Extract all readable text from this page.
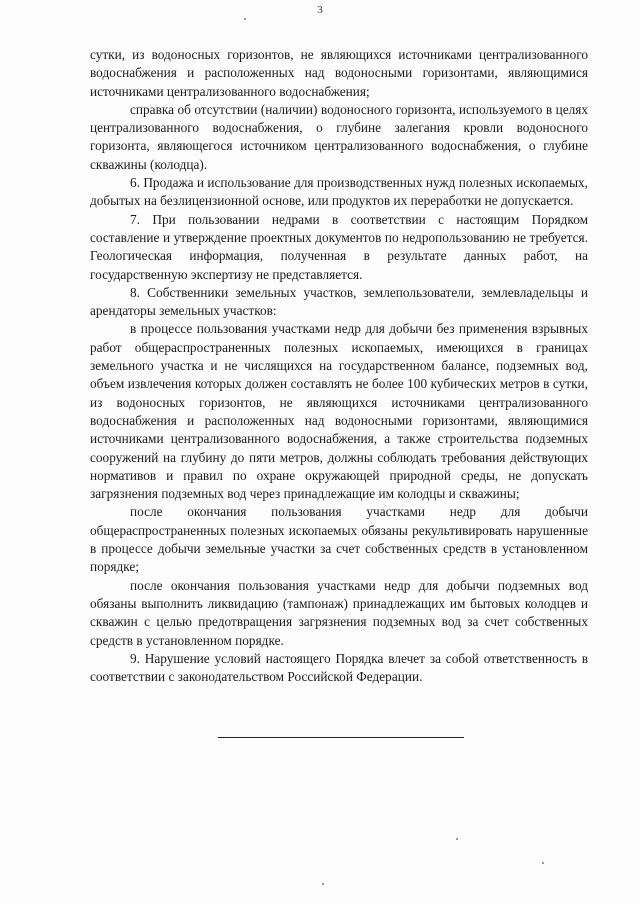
3

сутки, из водоносных горизонтов, не являющихся источниками централизованного водоснабжения и расположенных над водоносными горизонтами, являющимися источниками централизованного водоснабжения;

справка об отсутствии (наличии) водоносного горизонта, используемого в целях централизованного водоснабжения, о глубине залегания кровли водоносного горизонта, являющегося источником централизованного водоснабжения, о глубине скважины (колодца).

6. Продажа и использование для производственных нужд полезных ископаемых, добытых на безлицензионной основе, или продуктов их переработки не допускается.

7. При пользовании недрами в соответствии с настоящим Порядком составление и утверждение проектных документов по недропользованию не требуется. Геологическая информация, полученная в результате данных работ, на государственную экспертизу не представляется.

8. Собственники земельных участков, землепользователи, землевладельцы и арендаторы земельных участков:

в процессе пользования участками недр для добычи без применения взрывных работ общераспространенных полезных ископаемых, имеющихся в границах земельного участка и не числящихся на государственном балансе, подземных вод, объем извлечения которых должен составлять не более 100 кубических метров в сутки, из водоносных горизонтов, не являющихся источниками централизованного водоснабжения и расположенных над водоносными горизонтами, являющимися источниками централизованного водоснабжения, а также строительства подземных сооружений на глубину до пяти метров, должны соблюдать требования действующих нормативов и правил по охране окружающей природной среды, не допускать загрязнения подземных вод через принадлежащие им колодцы и скважины;

после окончания пользования участками недр для добычи общераспространенных полезных ископаемых обязаны рекультивировать нарушенные в процессе добычи земельные участки за счет собственных средств в установленном порядке;

после окончания пользования участками недр для добычи подземных вод обязаны выполнить ликвидацию (тампонаж) принадлежащих им бытовых колодцев и скважин с целью предотвращения загрязнения подземных вод за счет собственных средств в установленном порядке.

9. Нарушение условий настоящего Порядка влечет за собой ответственность в соответствии с законодательством Российской Федерации.
